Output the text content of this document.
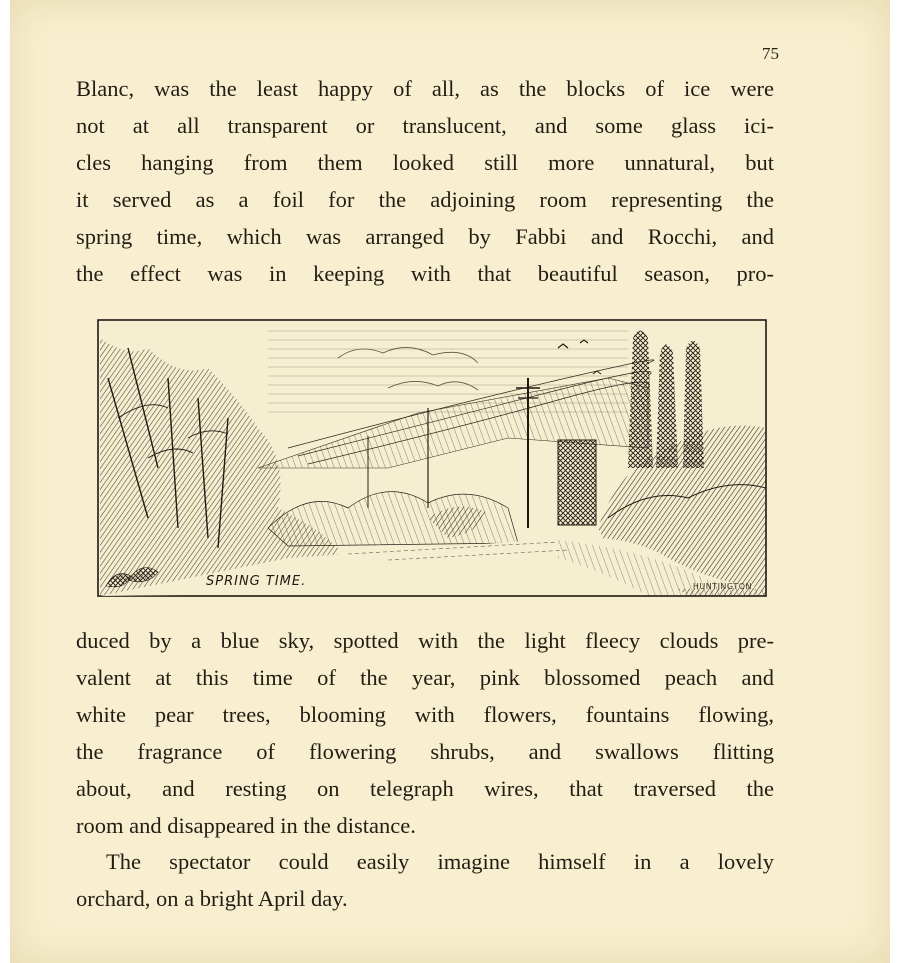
75
Blanc, was the least happy of all, as the blocks of ice were
not at all transparent or translucent, and some glass ici-
cles hanging from them looked still more unnatural, but
it served as a foil for the adjoining room representing the
spring time, which was arranged by Fabbi and Rocchi, and
the effect was in keeping with that beautiful season, pro-
SPRING TIME.	HUNTINGTON
duced by a blue sky, spotted with the light fleecy clouds pre-
valent at this time of the year, pink blossomed peach and
white pear trees, blooming with flowers, fountains flowing,
the fragrance of flowering shrubs, and swallows flitting
about, and resting on telegraph wires, that traversed the
room and disappeared in the distance.
The spectator could easily imagine himself in a lovely
orchard, on a bright April day.
